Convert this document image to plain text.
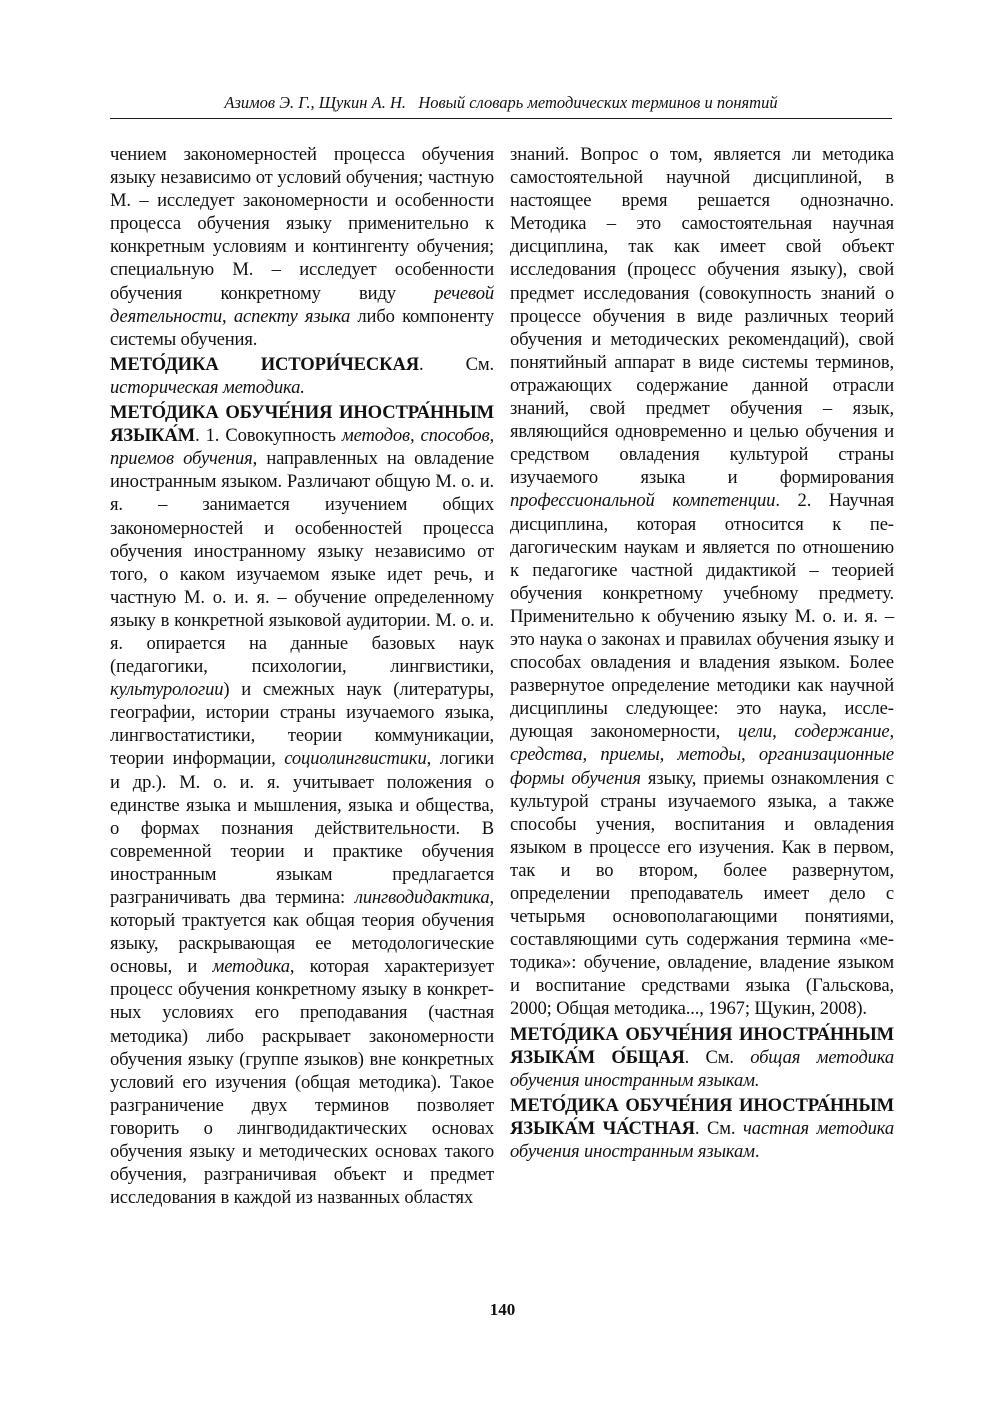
Азимов Э. Г., Щукин А. Н.   Новый словарь методических терминов и понятий

чением закономерностей процесса обучения языку независимо от условий обучения; частную М. – исследует закономерности и особенности процесса обучения языку применительно к конкретным условиям и контингенту обучения; специальную М. – исследует особенности обучения конкретному виду речевой деятельности, аспекту языка либо компоненту системы обучения.

МЕТО́ДИКА ИСТОРИ́ЧЕСКАЯ. См. историческая методика.

МЕТО́ДИКА ОБУЧЕ́НИЯ ИНОСТРА́ННЫМ ЯЗЫКА́М. 1. Совокупность методов, способов, приемов обучения, направленных на овладение иностранным языком. Различают общую М. о. и. я. – занимается изучением общих закономерностей и особенностей процесса обучения иностранному языку независимо от того, о каком изучаемом языке идет речь, и частную М. о. и. я. – обучение определенному языку в конкретной языковой аудитории. М. о. и. я. опирается на данные базовых наук (педагогики, психологии, лингвистики, культурологии) и смежных наук (литературы, географии, истории страны изучаемого языка, лингвостатистики, теории коммуникации, теории информации, социолингвистики, логики и др.). М. о. и. я. учитывает положения о единстве языка и мышления, языка и общества, о формах познания действительности. В современной теории и практике обучения иностранным языкам предлагается разграничивать два термина: лингводидактика, который трактуется как общая теория обучения языку, раскрывающая ее методологические основы, и методика, которая характеризует процесс обучения конкретному языку в конкретных условиях его преподавания (частная методика) либо раскрывает закономерности обучения языку (группе языков) вне конкретных условий его изучения (общая методика). Такое разграничение двух терминов позволяет говорить о лингводидактических основах обучения языку и методических основах такого обучения, разграничивая объект и предмет исследования в каждой из названных областях

знаний. Вопрос о том, является ли методика самостоятельной научной дисциплиной, в настоящее время решается однозначно. Методика – это самостоятельная научная дисциплина, так как имеет свой объект исследования (процесс обучения языку), свой предмет исследования (совокупность знаний о процессе обучения в виде различных теорий обучения и методических рекомендаций), свой понятийный аппарат в виде системы терминов, отражающих содержание данной отрасли знаний, свой предмет обучения – язык, являющийся одновременно и целью обучения и средством овладения культурой страны изучаемого языка и формирования профессиональной компетенции. 2. Научная дисциплина, которая относится к педагогическим наукам и является по отношению к педагогике частной дидактикой – теорией обучения конкретному учебному предмету. Применительно к обучению языку М. о. и. я. – это наука о законах и правилах обучения языку и способах овладения и владения языком. Более развернутое определение методики как научной дисциплины следующее: это наука, исследующая закономерности, цели, содержание, средства, приемы, методы, организационные формы обучения языку, приемы ознакомления с культурой страны изучаемого языка, а также способы учения, воспитания и овладения языком в процессе его изучения. Как в первом, так и во втором, более развернутом, определении преподаватель имеет дело с четырьмя основополагающими понятиями, составляющими суть содержания термина «методика»: обучение, овладение, владение языком и воспитание средствами языка (Гальскова, 2000; Общая методика..., 1967; Щукин, 2008).

МЕТО́ДИКА ОБУЧЕ́НИЯ ИНОСТРА́ННЫМ ЯЗЫКА́М О́БЩАЯ. См. общая методика обучения иностранным языкам.

МЕТО́ДИКА ОБУЧЕ́НИЯ ИНОСТРА́ННЫМ ЯЗЫКА́М ЧА́СТНАЯ. См. частная методика обучения иностранным языкам.

140
